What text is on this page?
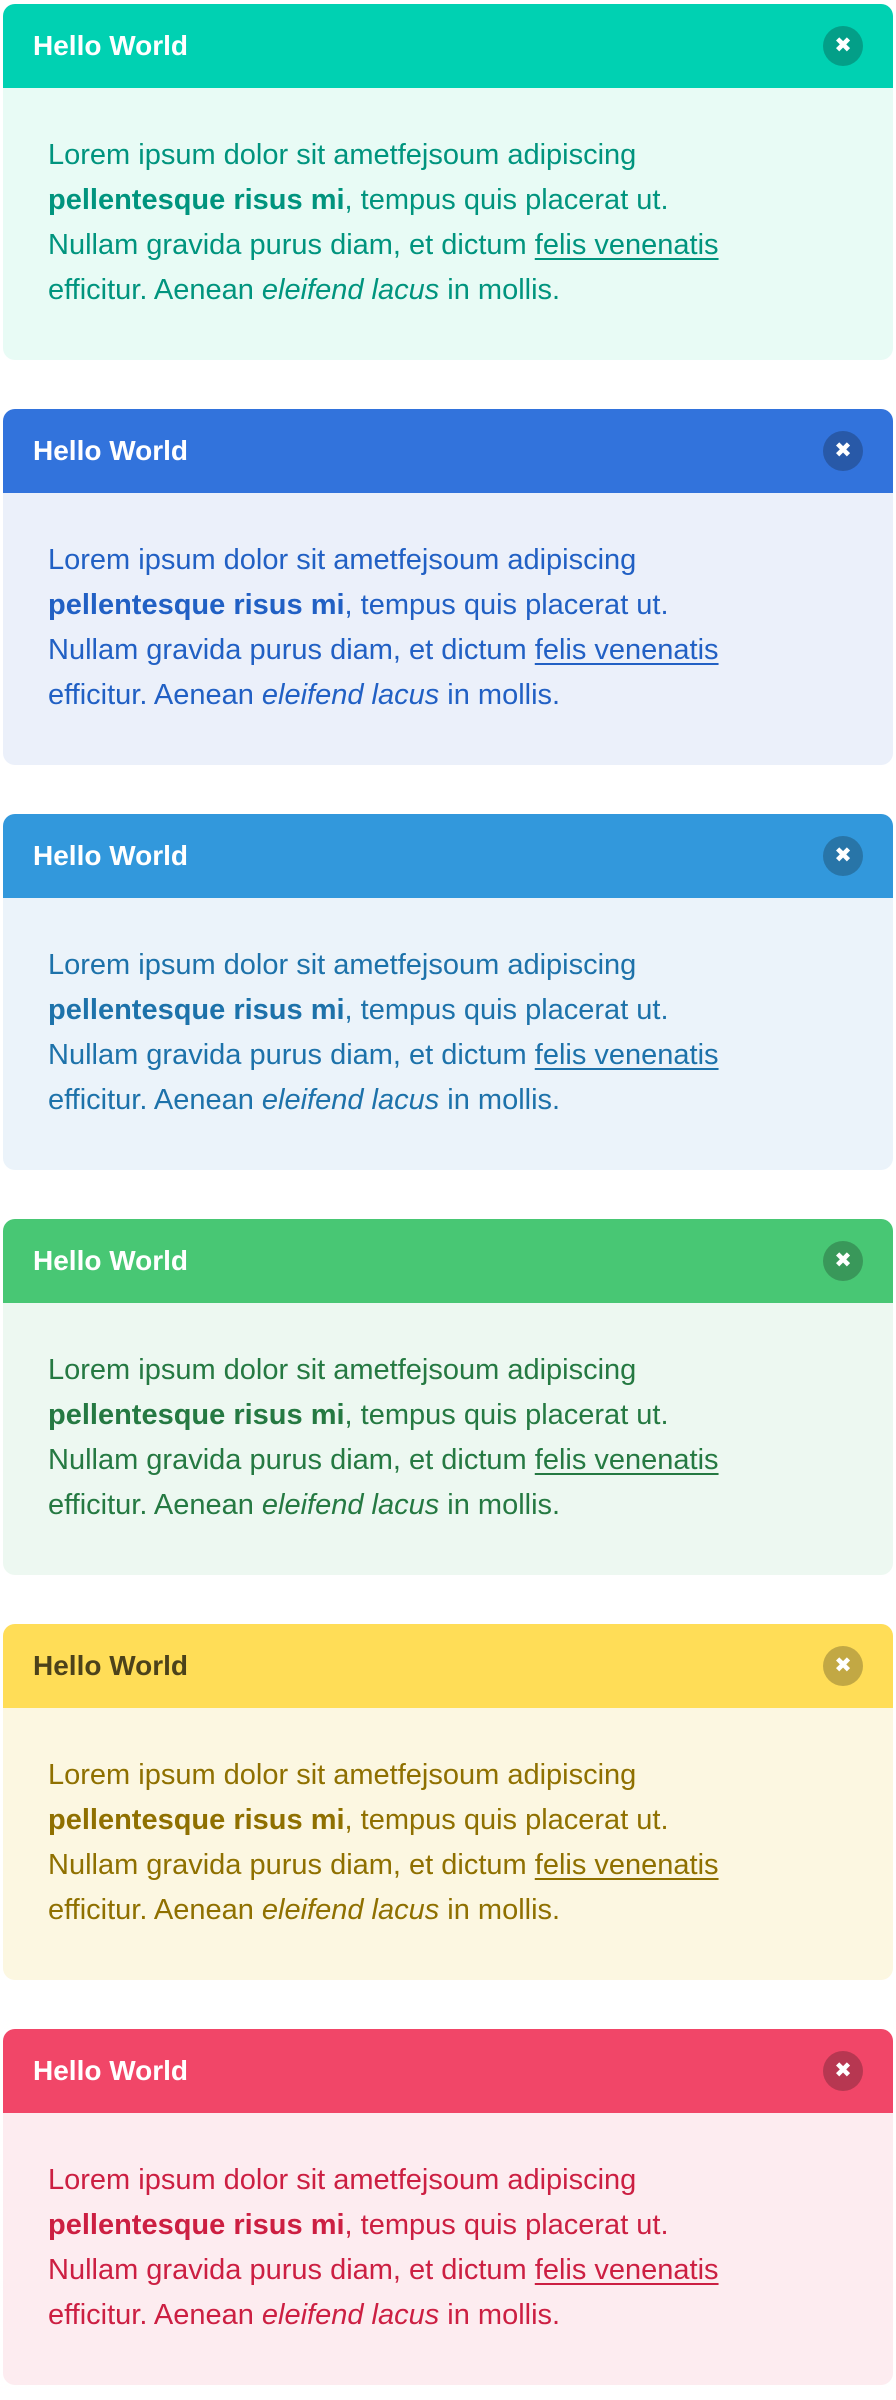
Hello World	✖

Lorem ipsum dolor sit ametfejsoum adipiscing
pellentesque risus mi, tempus quis placerat ut.
Nullam gravida purus diam, et dictum felis venenatis
efficitur. Aenean eleifend lacus in mollis.

Hello World	✖

Lorem ipsum dolor sit ametfejsoum adipiscing
pellentesque risus mi, tempus quis placerat ut.
Nullam gravida purus diam, et dictum felis venenatis
efficitur. Aenean eleifend lacus in mollis.

Hello World	✖

Lorem ipsum dolor sit ametfejsoum adipiscing
pellentesque risus mi, tempus quis placerat ut.
Nullam gravida purus diam, et dictum felis venenatis
efficitur. Aenean eleifend lacus in mollis.

Hello World	✖

Lorem ipsum dolor sit ametfejsoum adipiscing
pellentesque risus mi, tempus quis placerat ut.
Nullam gravida purus diam, et dictum felis venenatis
efficitur. Aenean eleifend lacus in mollis.

Hello World	✖

Lorem ipsum dolor sit ametfejsoum adipiscing
pellentesque risus mi, tempus quis placerat ut.
Nullam gravida purus diam, et dictum felis venenatis
efficitur. Aenean eleifend lacus in mollis.

Hello World	✖

Lorem ipsum dolor sit ametfejsoum adipiscing
pellentesque risus mi, tempus quis placerat ut.
Nullam gravida purus diam, et dictum felis venenatis
efficitur. Aenean eleifend lacus in mollis.
